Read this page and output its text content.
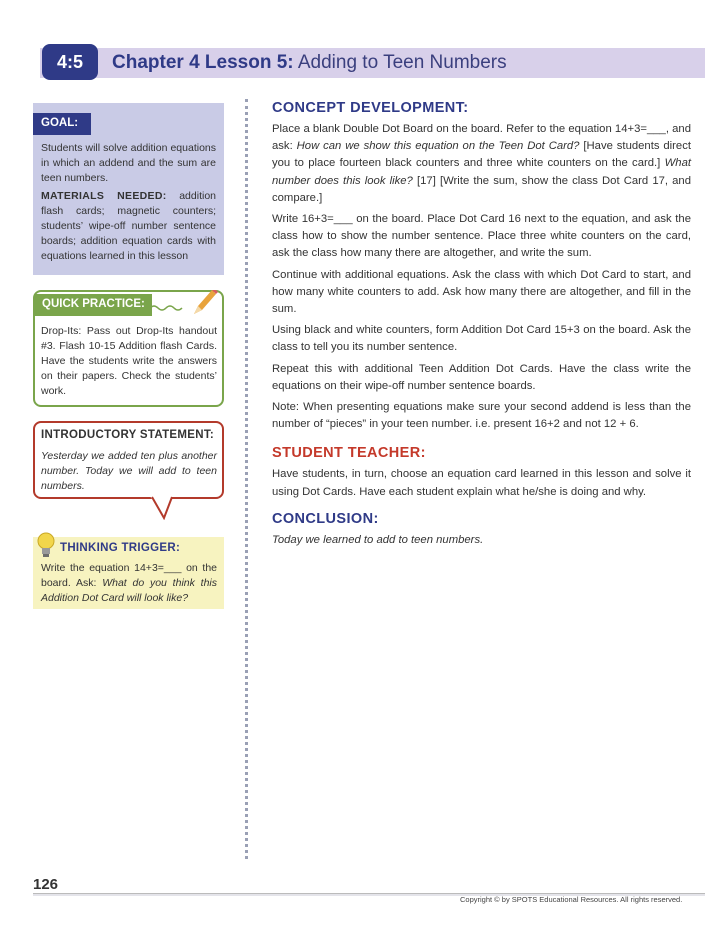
4:5	Chapter 4 Lesson 5: Adding to Teen Numbers
GOAL:

Students will solve addition equations in which an addend and the sum are teen numbers.

MATERIALS NEEDED: addition flash cards; magnetic counters; students’ wipe-off number sentence boards; addition equation cards with equations learned in this lesson

QUICK PRACTICE:
Drop-Its: Pass out Drop-Its handout #3. Flash 10-15 Addition flash Cards. Have the students write the answers on their papers. Check the students’ work.
INTRODUCTORY STATEMENT:
Yesterday we added ten plus another number. Today we will add to teen numbers.
THINKING TRIGGER:
Write the equation 14+3=___ on the board. Ask: What do you think this Addition Dot Card will look like?
CONCEPT DEVELOPMENT:

Place a blank Double Dot Board on the board. Refer to the equation 14+3=___, and ask: How can we show this equation on the Teen Dot Card? [Have students direct you to place fourteen black counters and three white counters on the card.] What number does this look like? [17] [Write the sum, show the class Dot Card 17, and compare.]

Write 16+3=___ on the board. Place Dot Card 16 next to the equation, and ask the class how to show the number sentence. Place three white counters on the card, ask the class how many there are altogether, and write the sum.

Continue with additional equations. Ask the class with which Dot Card to start, and how many white counters to add. Ask how many there are altogether, and fill in the sum.

Using black and white counters, form Addition Dot Card 15+3 on the board. Ask the class to tell you its number sentence.

Repeat this with additional Teen Addition Dot Cards. Have the class write the equations on their wipe-off number sentence boards.

Note: When presenting equations make sure your second addend is less than the number of “pieces” in your teen number. i.e. present 16+2 and not 12 + 6.

STUDENT TEACHER:

Have students, in turn, choose an equation card learned in this lesson and solve it using Dot Cards. Have each student explain what he/she is doing and why.

CONCLUSION:

Today we learned to add to teen numbers.

126
Copyright © by SPOTS Educational Resources. All rights reserved.
